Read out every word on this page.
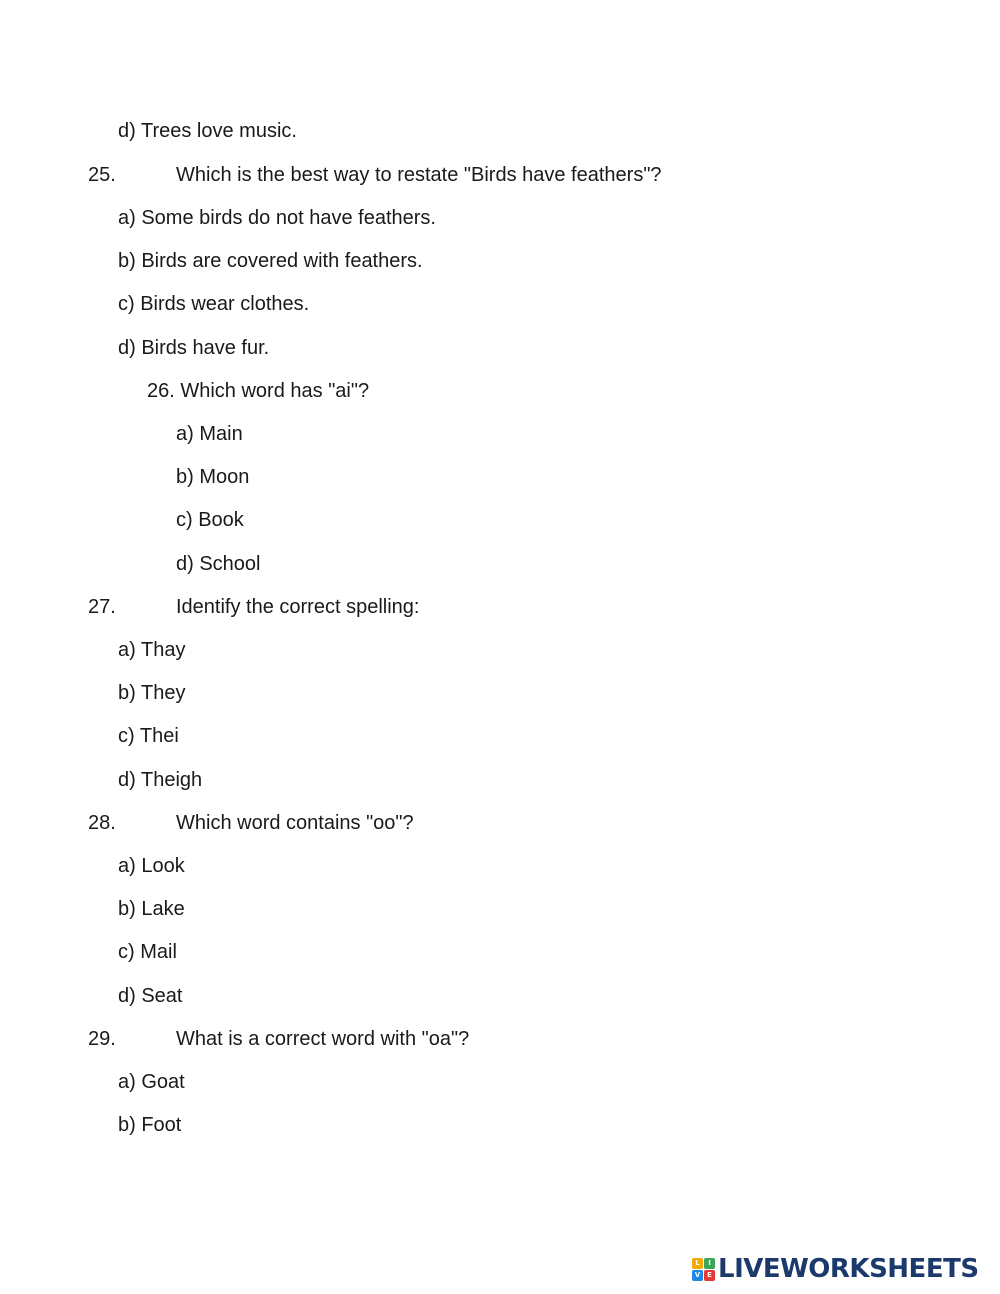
25.
27.
28.
29.
d) Trees love music.
Which is the best way to restate "Birds have feathers"?
a) Some birds do not have feathers.
b) Birds are covered with feathers.
c) Birds wear clothes.
d) Birds have fur.
26. Which word has "ai"?
a) Main
b) Moon
c) Book
d) School
Identify the correct spelling:
a) Thay
b) They
c) Thei
d) Theigh
Which word contains "oo"?
a) Look
b) Lake
c) Mail
d) Seat
What is a correct word with "oa"?
a) Goat
b) Foot
L	I
V E LIVEWORKSHEETS
